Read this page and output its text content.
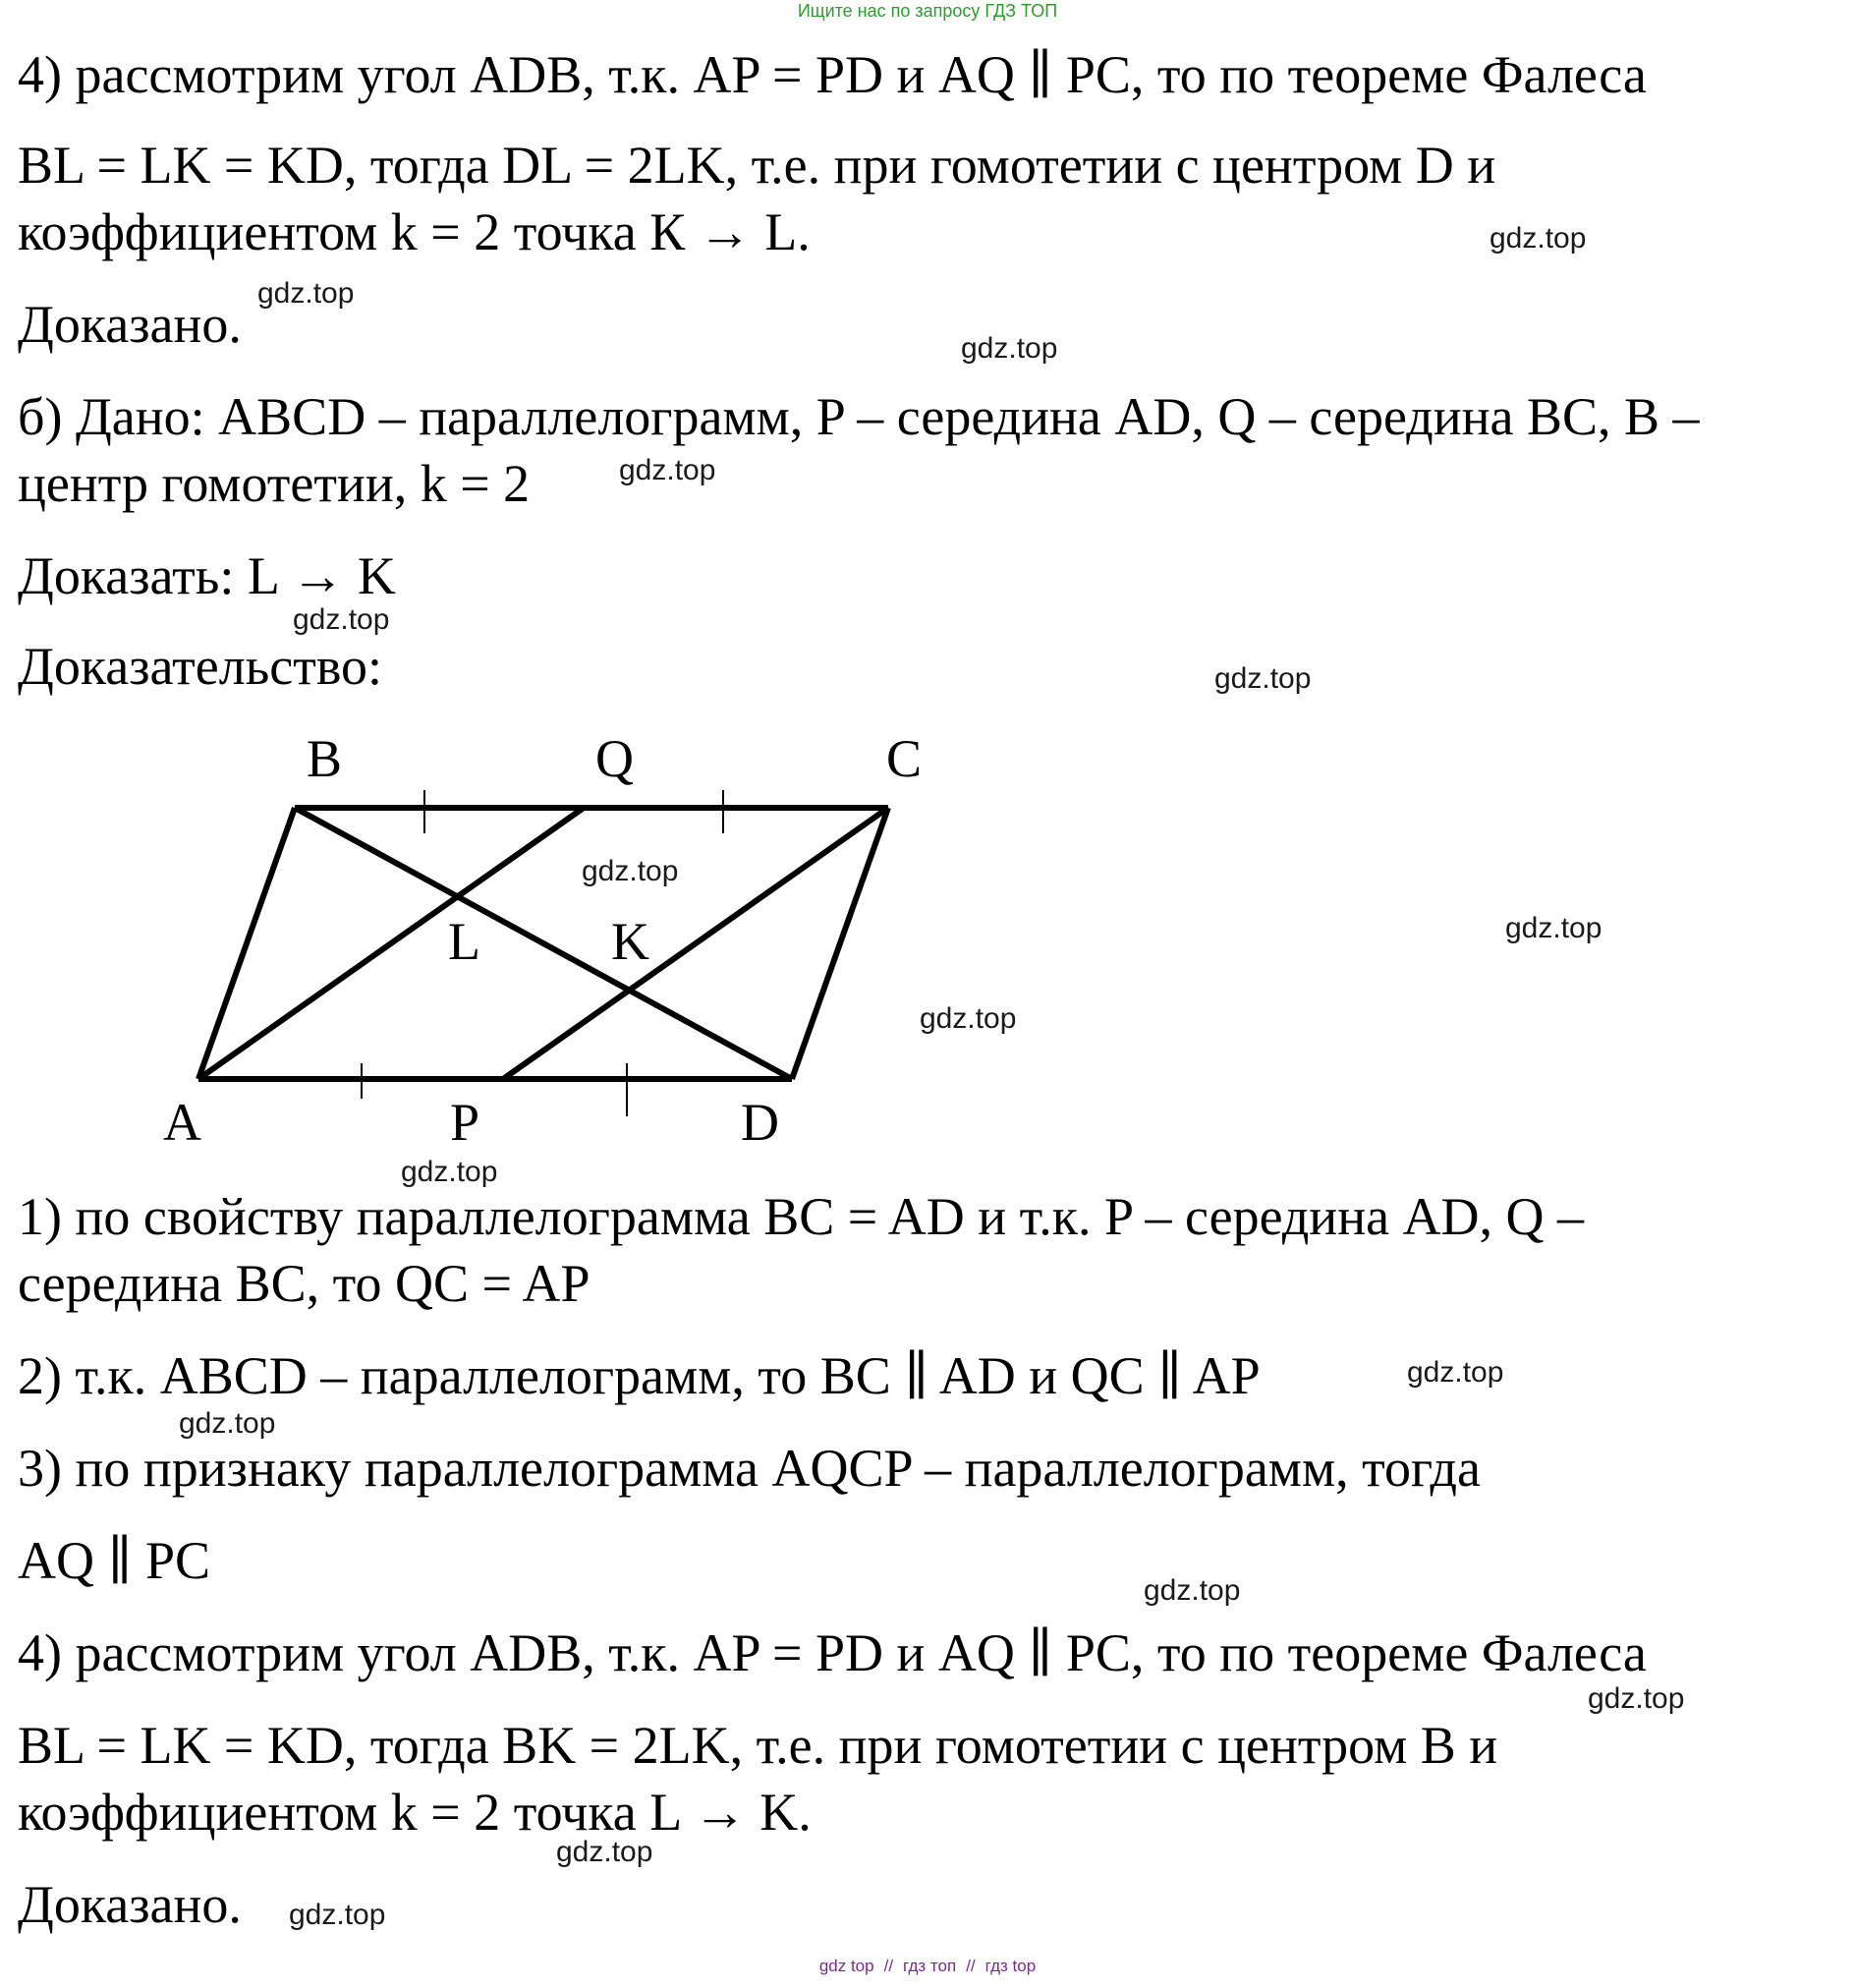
Ищите нас по запросу ГДЗ ТОП
4) рассмотрим угол ADB, т.к. AP = PD и AQ ∥ PC, то по теореме Фалеса
BL = LK = KD, тогда DL = 2LK, т.е. при гомотетии с центром D и
коэффициентом k = 2 точка К → L.
Доказано.
б) Дано: ABCD – параллелограмм, P – середина AD, Q – середина BC, B –
центр гомотетии, k = 2
Доказать: L → K
Доказательство:
B	Q	C
A	P	D
L K
gdz.top
1) по свойству параллелограмма BC = AD и т.к. P – середина AD, Q –
середина BC, то QC = AP
2) т.к. ABCD – параллелограмм, то BC ∥ AD и QC ∥ AP
3) по признаку параллелограмма AQCP – параллелограмм, тогда
AQ ∥ PC
4) рассмотрим угол ADB, т.к. AP = PD и AQ ∥ PC, то по теореме Фалеса
BL = LK = KD, тогда BK = 2LK, т.е. при гомотетии с центром B и
коэффициентом k = 2 точка L → K.
Доказано.
gdz.top
gdz.top
gdz.top
gdz.top
gdz.top
gdz.top
gdz.top
gdz.top
gdz.top
gdz.top
gdz.top
gdz.top
gdz.top
gdz.top
gdz.top
gdz top // гдз топ // гдз top
